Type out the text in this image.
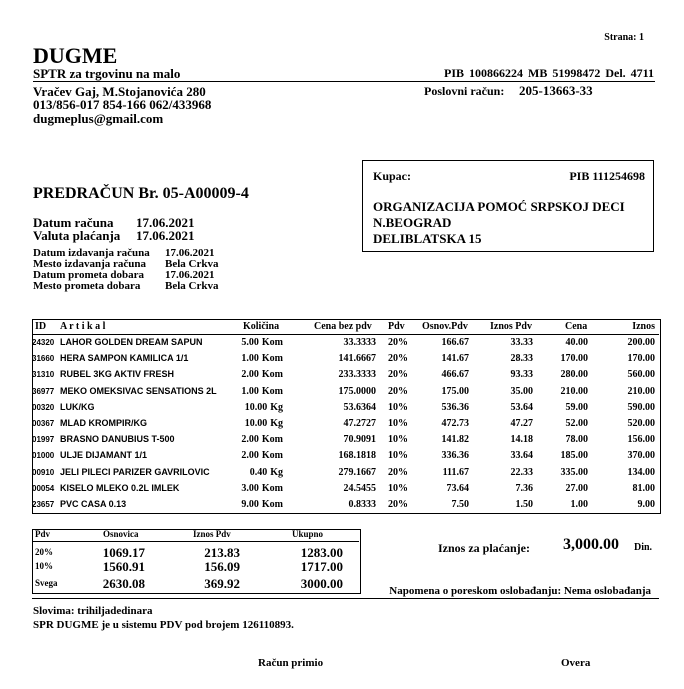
Strana: 1
DUGME
SPTR za trgovinu na malo
Vračev Gaj, M.Stojanovića 280
013/856-017 854-166 062/433968
dugmeplus@gmail.com
PIB 100866224 MB 51998472 Del. 4711
Poslovni račun: 205-13663-33
PREDRAČUN Br. 05-A00009-4
Datum računa 17.06.2021
Valuta plaćanja 17.06.2021
Datum izdavanja računa 17.06.2021
Mesto izdavanja računa Bela Crkva
Datum prometa dobara 17.06.2021
Mesto prometa dobara Bela Crkva
Kupac:	PIB 111254698
ORGANIZACIJA POMOĆ SRPSKOJ DECI
N.BEOGRAD
DELIBLATSKA 15
ID A r t i k a l	Količina	Cena bez pdv Pdv Osnov.Pdv Iznos Pdv	Cena	Iznos
24320 LAHOR GOLDEN DREAM SAPUN	5.00 Kom	33.3333 20%	166.67	33.33	40.00	200.00
31660 HERA SAMPON KAMILICA 1/1	1.00 Kom	141.6667 20%	141.67	28.33	170.00	170.00
31310 RUBEL 3KG AKTIV FRESH	2.00 Kom	233.3333 20%	466.67	93.33	280.00	560.00
36977 MEKO OMEKSIVAC SENSATIONS 2L 1.00 Kom	175.0000 20%	175.00	35.00	210.00	210.00
00320 LUK/KG	10.00 Kg	53.6364 10%	536.36	53.64	59.00	590.00
00367 MLAD KROMPIR/KG	10.00 Kg	47.2727 10%	472.73	47.27	52.00	520.00
01997 BRASNO DANUBIUS T-500	2.00 Kom	70.9091 10%	141.82	14.18	78.00	156.00
01000 ULJE DIJAMANT 1/1	2.00 Kom	168.1818 10%	336.36	33.64	185.00	370.00
00910 JELI PILECI PARIZER GAVRILOVIC	0.40 Kg	279.1667 20%	111.67	22.33	335.00	134.00
00054 KISELO MLEKO 0.2L IMLEK	3.00 Kom	24.5455 10%	73.64	7.36	27.00	81.00
23657 PVC CASA 0.13	9.00 Kom	0.8333 20%	7.50	1.50	1.00	9.00
Pdv	Osnovica	Iznos Pdv	Ukupno
20%	1069.17	213.83	1283.00
10%	1560.91	156.09	1717.00
Svega	2630.08	369.92	3000.00
Iznos za plaćanje: 3,000.00 Din.
Napomena o poreskom oslobađanju: Nema oslobađanja
Slovima: trihiljadedinara
SPR DUGME je u sistemu PDV pod brojem 126110893.
Račun primio	Overa
